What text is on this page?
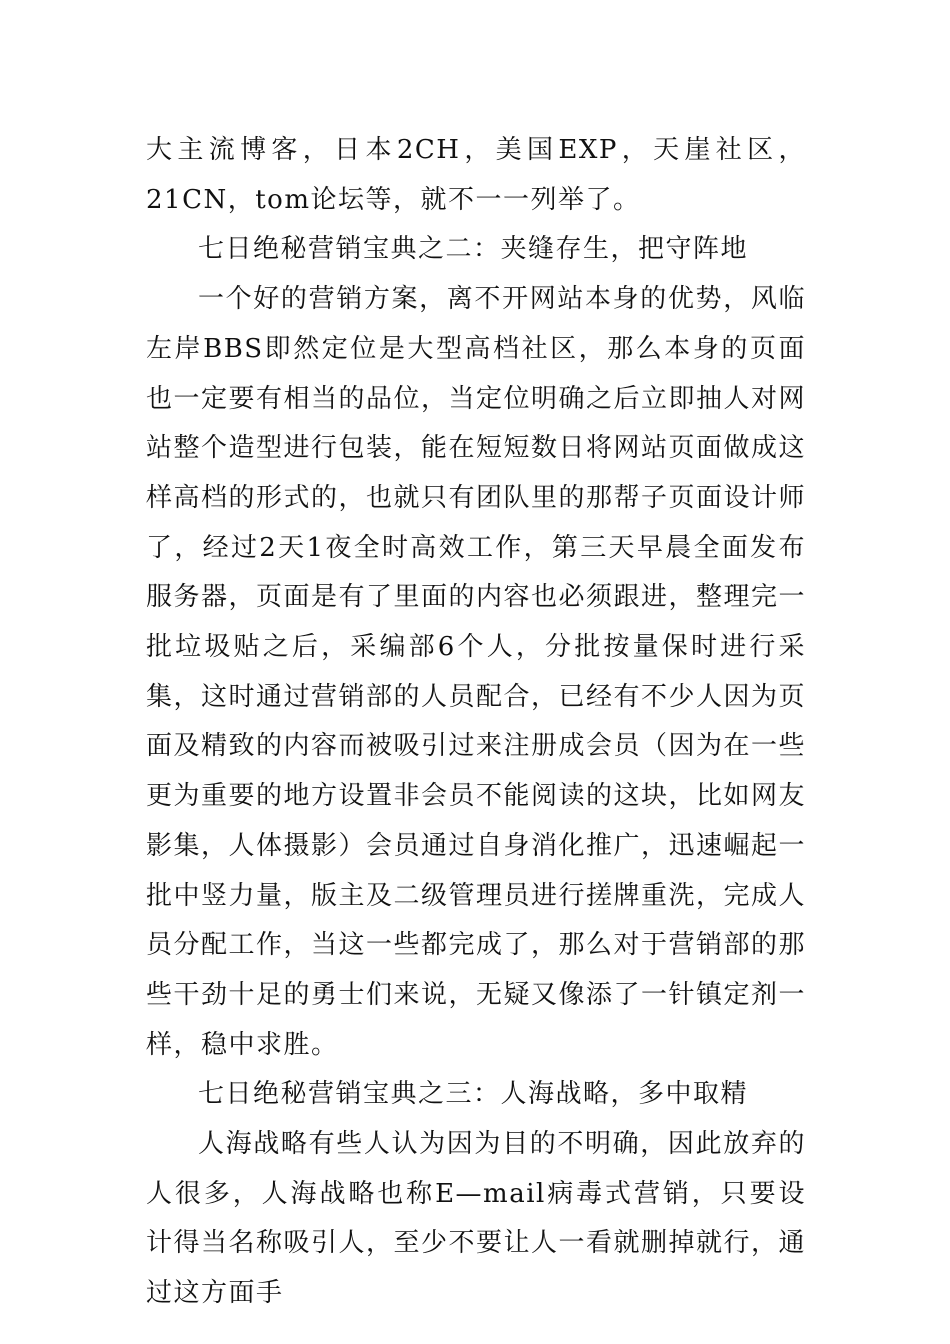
大主流博客，日本2CH，美国EXP，天崖社区，21CN，tom论坛等，就不一一列举了。

七日绝秘营销宝典之二：夹缝存生，把守阵地

一个好的营销方案，离不开网站本身的优势，风临左岸BBS即然定位是大型高档社区，那么本身的页面也一定要有相当的品位，当定位明确之后立即抽人对网站整个造型进行包装，能在短短数日将网站页面做成这样高档的形式的，也就只有团队里的那帮子页面设计师了，经过2天1夜全时高效工作，第三天早晨全面发布服务器，页面是有了里面的内容也必须跟进，整理完一批垃圾贴之后，采编部6个人，分批按量保时进行采集，这时通过营销部的人员配合，已经有不少人因为页面及精致的内容而被吸引过来注册成会员（因为在一些更为重要的地方设置非会员不能阅读的这块，比如网友影集，人体摄影）会员通过自身消化推广，迅速崛起一批中竖力量，版主及二级管理员进行搓牌重洗，完成人员分配工作，当这一些都完成了，那么对于营销部的那些干劲十足的勇士们来说，无疑又像添了一针镇定剂一样，稳中求胜。

七日绝秘营销宝典之三：人海战略，多中取精

人海战略有些人认为因为目的不明确，因此放弃的人很多，人海战略也称E—mail病毒式营销，只要设计得当名称吸引人，至少不要让人一看就删掉就行，通过这方面手
